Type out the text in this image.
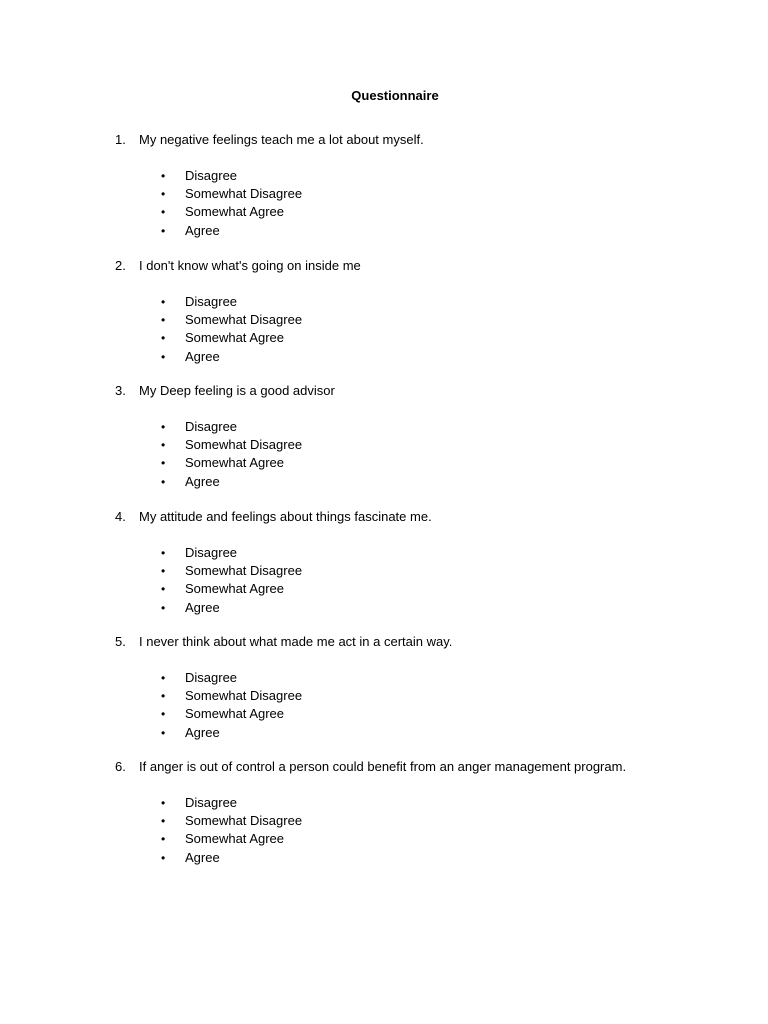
Questionnaire
1.	My negative feelings teach me a lot about myself.
• Disagree
• Somewhat Disagree
• Somewhat Agree
• Agree
2.	I don't know what's going on inside me
• Disagree
• Somewhat Disagree
• Somewhat Agree
• Agree
3.	My Deep feeling is a good advisor
• Disagree
• Somewhat Disagree
• Somewhat Agree
• Agree
4.	My attitude and feelings about things fascinate me.
• Disagree
• Somewhat Disagree
• Somewhat Agree
• Agree
5.	I never think about what made me act in a certain way.
• Disagree
• Somewhat Disagree
• Somewhat Agree
• Agree
6.	If anger is out of control a person could benefit from an anger management program.
• Disagree
• Somewhat Disagree
• Somewhat Agree
• Agree
